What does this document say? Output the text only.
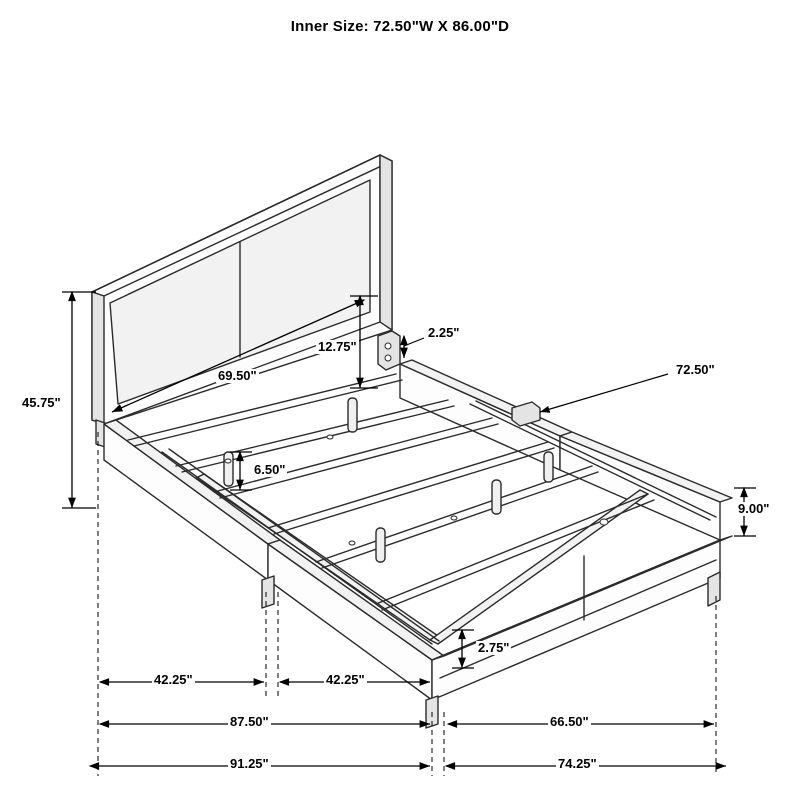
Inner Size: 72.50"W X 86.00"D
12.75"
2.25"
69.50"
45.75"
6.50"
72.50"
9.00"
2.75"
42.25"	42.25"
87.50"	66.50"
91.25"	74.25"
